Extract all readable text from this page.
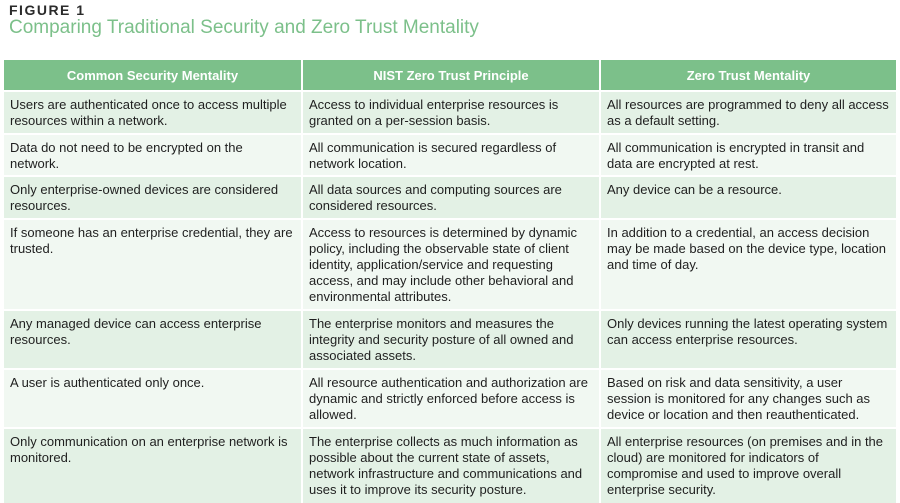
FIGURE 1
Comparing Traditional Security and Zero Trust Mentality
Common Security Mentality	NIST Zero Trust Principle	Zero Trust Mentality
Users are authenticated once to access multiple resources within a network.	Access to individual enterprise resources is granted on a per-session basis.	All resources are programmed to deny all access as a default setting.
Data do not need to be encrypted on the network.	All communication is secured regardless of network location.	All communication is encrypted in transit and data are encrypted at rest.
Only enterprise-owned devices are considered resources.	All data sources and computing sources are considered resources.	Any device can be a resource.
If someone has an enterprise credential, they are trusted.	Access to resources is determined by dynamic policy, including the observable state of client identity, application/service and requesting access, and may include other behavioral and environmental attributes.	In addition to a credential, an access decision may be made based on the device type, location and time of day.
Any managed device can access enterprise resources.	The enterprise monitors and measures the integrity and security posture of all owned and associated assets.	Only devices running the latest operating system can access enterprise resources.
A user is authenticated only once.	All resource authentication and authorization are dynamic and strictly enforced before access is allowed.	Based on risk and data sensitivity, a user session is monitored for any changes such as device or location and then reauthenticated.
Only communication on an enterprise network is monitored.	The enterprise collects as much information as possible about the current state of assets, network infrastructure and communications and uses it to improve its security posture.	All enterprise resources (on premises and in the cloud) are monitored for indicators of compromise and used to improve overall enterprise security.
